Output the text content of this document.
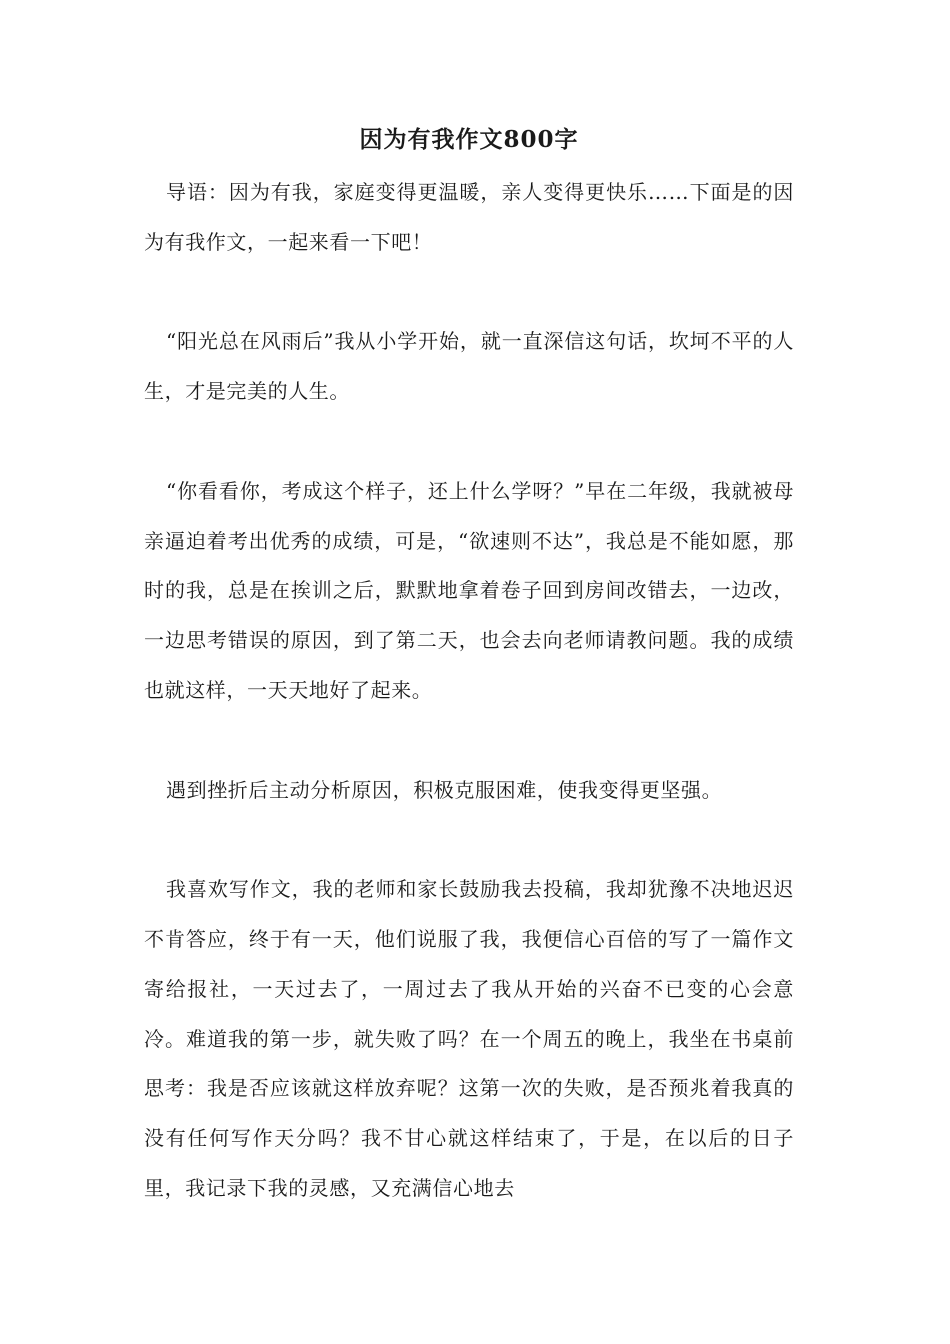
因为有我作文800字

导语：因为有我，家庭变得更温暖，亲人变得更快乐……下面是的因为有我作文，一起来看一下吧！

“阳光总在风雨后”我从小学开始，就一直深信这句话，坎坷不平的人生，才是完美的人生。

“你看看你，考成这个样子，还上什么学呀？”早在二年级，我就被母亲逼迫着考出优秀的成绩，可是，“欲速则不达”，我总是不能如愿，那时的我，总是在挨训之后，默默地拿着卷子回到房间改错去，一边改，一边思考错误的原因，到了第二天，也会去向老师请教问题。我的成绩也就这样，一天天地好了起来。

遇到挫折后主动分析原因，积极克服困难，使我变得更坚强。

我喜欢写作文，我的老师和家长鼓励我去投稿，我却犹豫不决地迟迟不肯答应，终于有一天，他们说服了我，我便信心百倍的写了一篇作文寄给报社，一天过去了，一周过去了我从开始的兴奋不已变的心会意冷。难道我的第一步，就失败了吗？在一个周五的晚上，我坐在书桌前思考：我是否应该就这样放弃呢？这第一次的失败，是否预兆着我真的没有任何写作天分吗？我不甘心就这样结束了，于是，在以后的日子里，我记录下我的灵感，又充满信心地去
